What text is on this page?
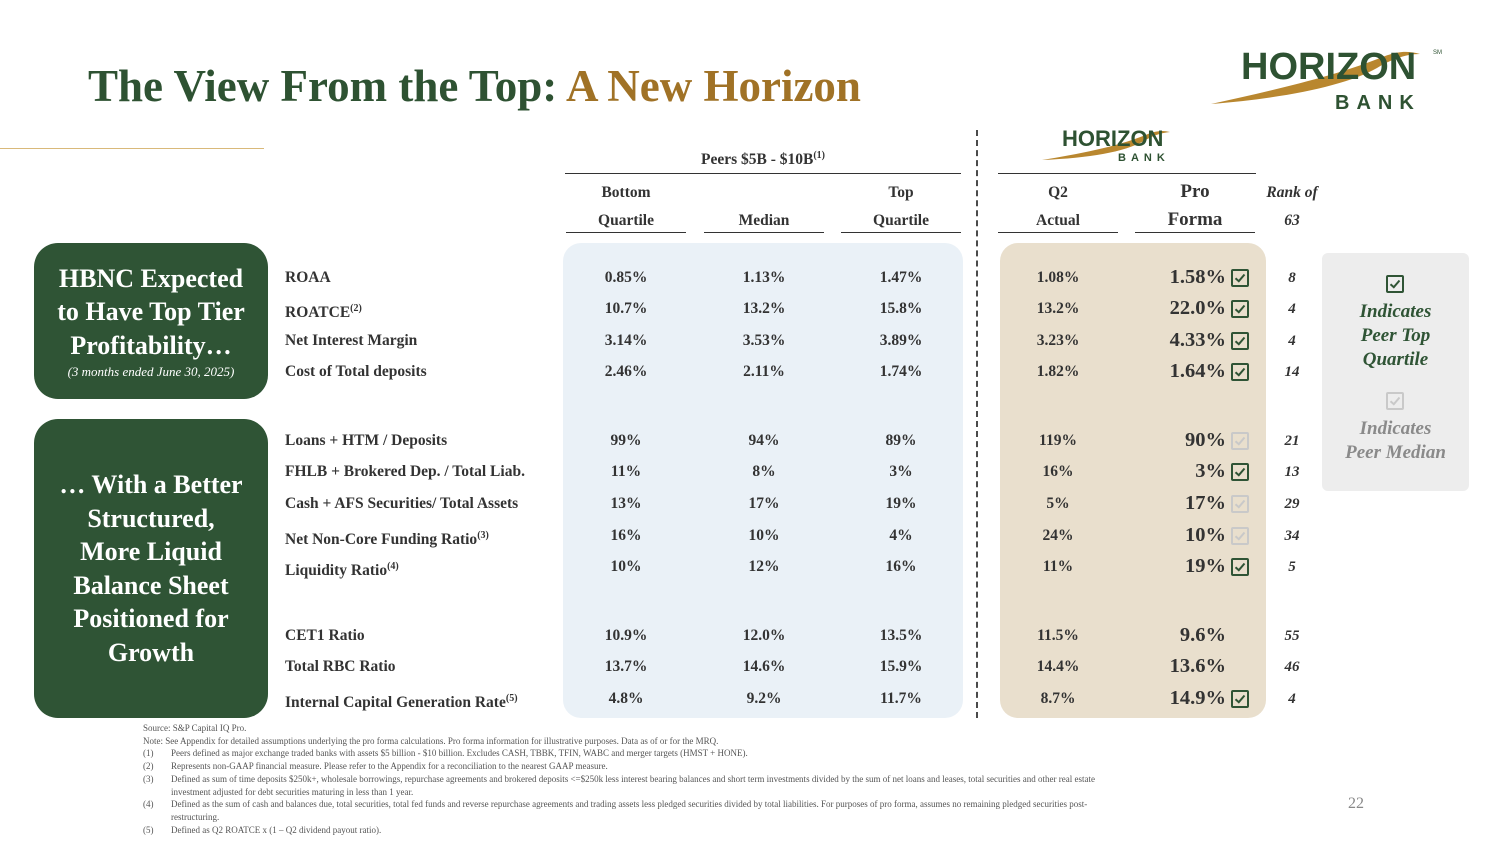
The View From the Top: A New Horizon	HORIZON	SM
BANK
HORIZON
BANK
HBNC Expected to Have Top Tier Profitability…
(3 months ended June 30, 2025)
… With a Better Structured, More Liquid Balance Sheet Positioned for Growth
Peers $5B - $\$10B^{(1)}$
Bottom
Quartile	Median
Top
Quartile
Q2
Actual
Pro
Forma
Rank of
63
ROAA	0.85%	1.13%	1.47%	1.08%	1.58%	8
ROATCE$^{(2)}$	10.7%	13.2%	15.8%	13.2%	22.0%	4
Net Interest Margin	3.14%	3.53%	3.89%	3.23%	4.33%	4
Cost of Total deposits	2.46%	2.11%	1.74%	1.82%	1.64%	14
Loans + HTM / Deposits	99%	94%	89%	119%	90%	21
FHLB + Brokered Dep. / Total Liab.	11%	8%	3%	16%	3%	13
Cash + AFS Securities/ Total Assets	13%	17%	19%	5%	17%	29
Net Non-Core Funding Ratio$^{(3)}$	16%	10%	4%	24%	10%	34
Liquidity Ratio$^{(4)}$	10%	12%	16%	11%	19%	5
CET1 Ratio	10.9%	12.0%	13.5%	11.5%	9.6%	55
Total RBC Ratio	13.7%	14.6%	15.9%	14.4%	13.6%	46
Internal Capital Generation Rate$^{(5)}$	4.8%	9.2%	11.7%	8.7%	14.9%	4
Indicates
Peer Top
Quartile
Indicates
Peer Median
Source: S&P Capital IQ Pro.
Note: See Appendix for detailed assumptions underlying the pro forma calculations. Pro forma information for illustrative purposes. Data as of or for the MRQ.
(1) Peers defined as major exchange traded banks with assets $5 billion - $10 billion. Excludes CASH, TBBK, TFIN, WABC and merger targets (HMST + HONE).
(2) Represents non-GAAP financial measure. Please refer to the Appendix for a reconciliation to the nearest GAAP measure.
(3) Defined as sum of time deposits $250k+, wholesale borrowings, repurchase agreements and brokered deposits <=$250k less interest bearing balances and short term investments divided by the sum of net loans and leases, total securities and other real estate
investment adjusted for debt securities maturing in less than 1 year.
(4) Defined as the sum of cash and balances due, total securities, total fed funds and reverse repurchase agreements and trading assets less pledged securities divided by total liabilities. For purposes of pro forma, assumes no remaining pledged securities post-
restructuring.
(5) Defined as Q2 ROATCE x (1 – Q2 dividend payout ratio).
22
